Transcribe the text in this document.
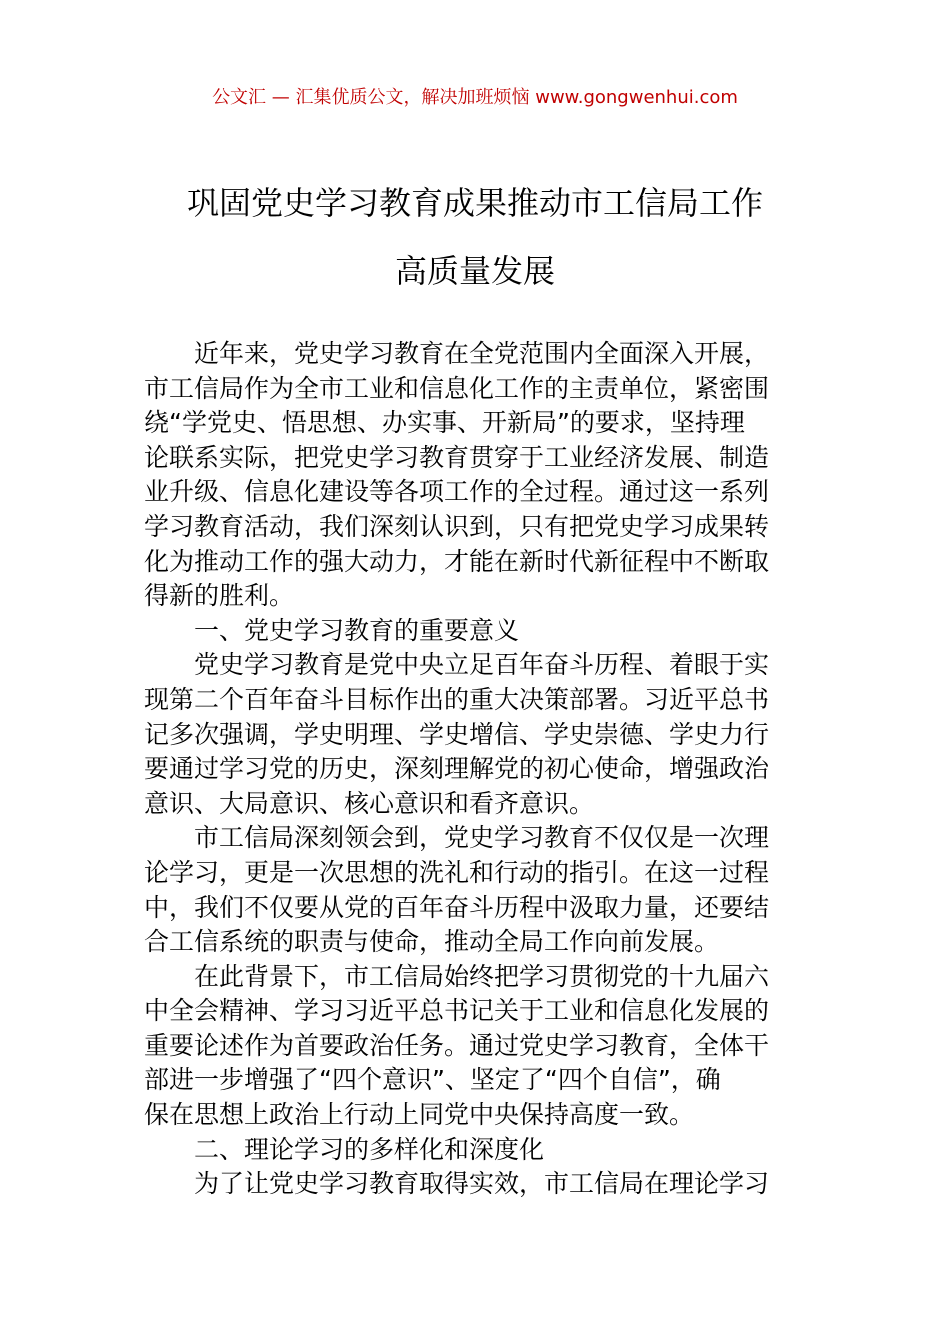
公文汇 — 汇集优质公文，解决加班烦恼 www.gongwenhui.com
巩固党史学习教育成果推动市工信局工作
高质量发展
近年来，党史学习教育在全党范围内全面深入开展，
市工信局作为全市工业和信息化工作的主责单位，紧密围
绕“学党史、悟思想、办实事、开新局”的要求，坚持理
论联系实际，把党史学习教育贯穿于工业经济发展、制造
业升级、信息化建设等各项工作的全过程。通过这一系列
学习教育活动，我们深刻认识到，只有把党史学习成果转
化为推动工作的强大动力，才能在新时代新征程中不断取
得新的胜利。
一、党史学习教育的重要意义
党史学习教育是党中央立足百年奋斗历程、着眼于实
现第二个百年奋斗目标作出的重大决策部署。习近平总书
记多次强调，学史明理、学史增信、学史崇德、学史力行
要通过学习党的历史，深刻理解党的初心使命，增强政治
意识、大局意识、核心意识和看齐意识。
市工信局深刻领会到，党史学习教育不仅仅是一次理
论学习，更是一次思想的洗礼和行动的指引。在这一过程
中，我们不仅要从党的百年奋斗历程中汲取力量，还要结
合工信系统的职责与使命，推动全局工作向前发展。
在此背景下，市工信局始终把学习贯彻党的十九届六
中全会精神、学习习近平总书记关于工业和信息化发展的
重要论述作为首要政治任务。通过党史学习教育，全体干
部进一步增强了“四个意识”、坚定了“四个自信”，确
保在思想上政治上行动上同党中央保持高度一致。
二、理论学习的多样化和深度化
为了让党史学习教育取得实效，市工信局在理论学习
